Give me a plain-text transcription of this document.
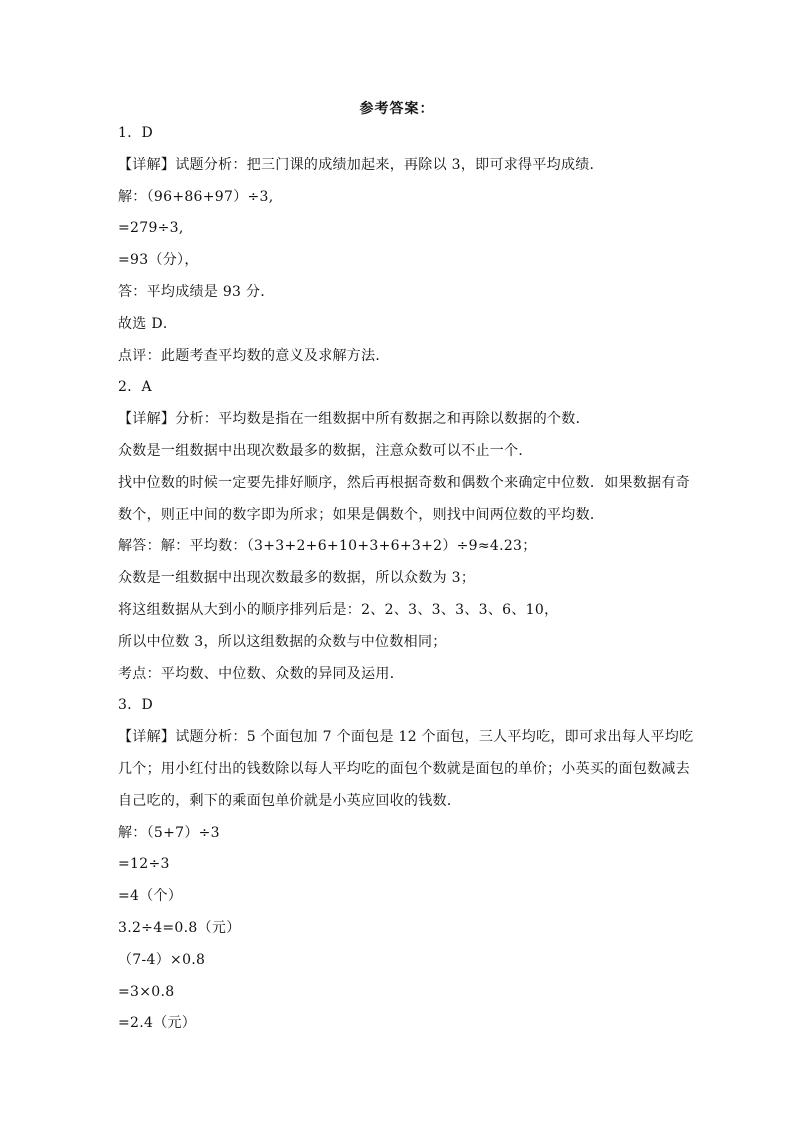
参考答案：
1．D
【详解】试题分析：把三门课的成绩加起来，再除以 3，即可求得平均成绩．
解：（96+86+97）÷3,
=279÷3,
=93（分），
答：平均成绩是 93 分．
故选 D．
点评：此题考查平均数的意义及求解方法．
2．A
【详解】分析：平均数是指在一组数据中所有数据之和再除以数据的个数．
众数是一组数据中出现次数最多的数据，注意众数可以不止一个．
找中位数的时候一定要先排好顺序，然后再根据奇数和偶数个来确定中位数．如果数据有奇
数个，则正中间的数字即为所求；如果是偶数个，则找中间两位数的平均数．
解答：解：平均数：（3+3+2+6+10+3+6+3+2）÷9≈4.23；
众数是一组数据中出现次数最多的数据，所以众数为 3；
将这组数据从大到小的顺序排列后是：2、2、3、3、3、3、6、10，
所以中位数 3，所以这组数据的众数与中位数相同；
考点：平均数、中位数、众数的异同及运用．
3．D
【详解】试题分析：5 个面包加 7 个面包是 12 个面包，三人平均吃，即可求出每人平均吃
几个；用小红付出的钱数除以每人平均吃的面包个数就是面包的单价；小英买的面包数减去
自己吃的，剩下的乘面包单价就是小英应回收的钱数．
解：（5+7）÷3
=12÷3
=4（个）
3.2÷4=0.8（元）
（7-4）×0.8
=3×0.8
=2.4（元）
